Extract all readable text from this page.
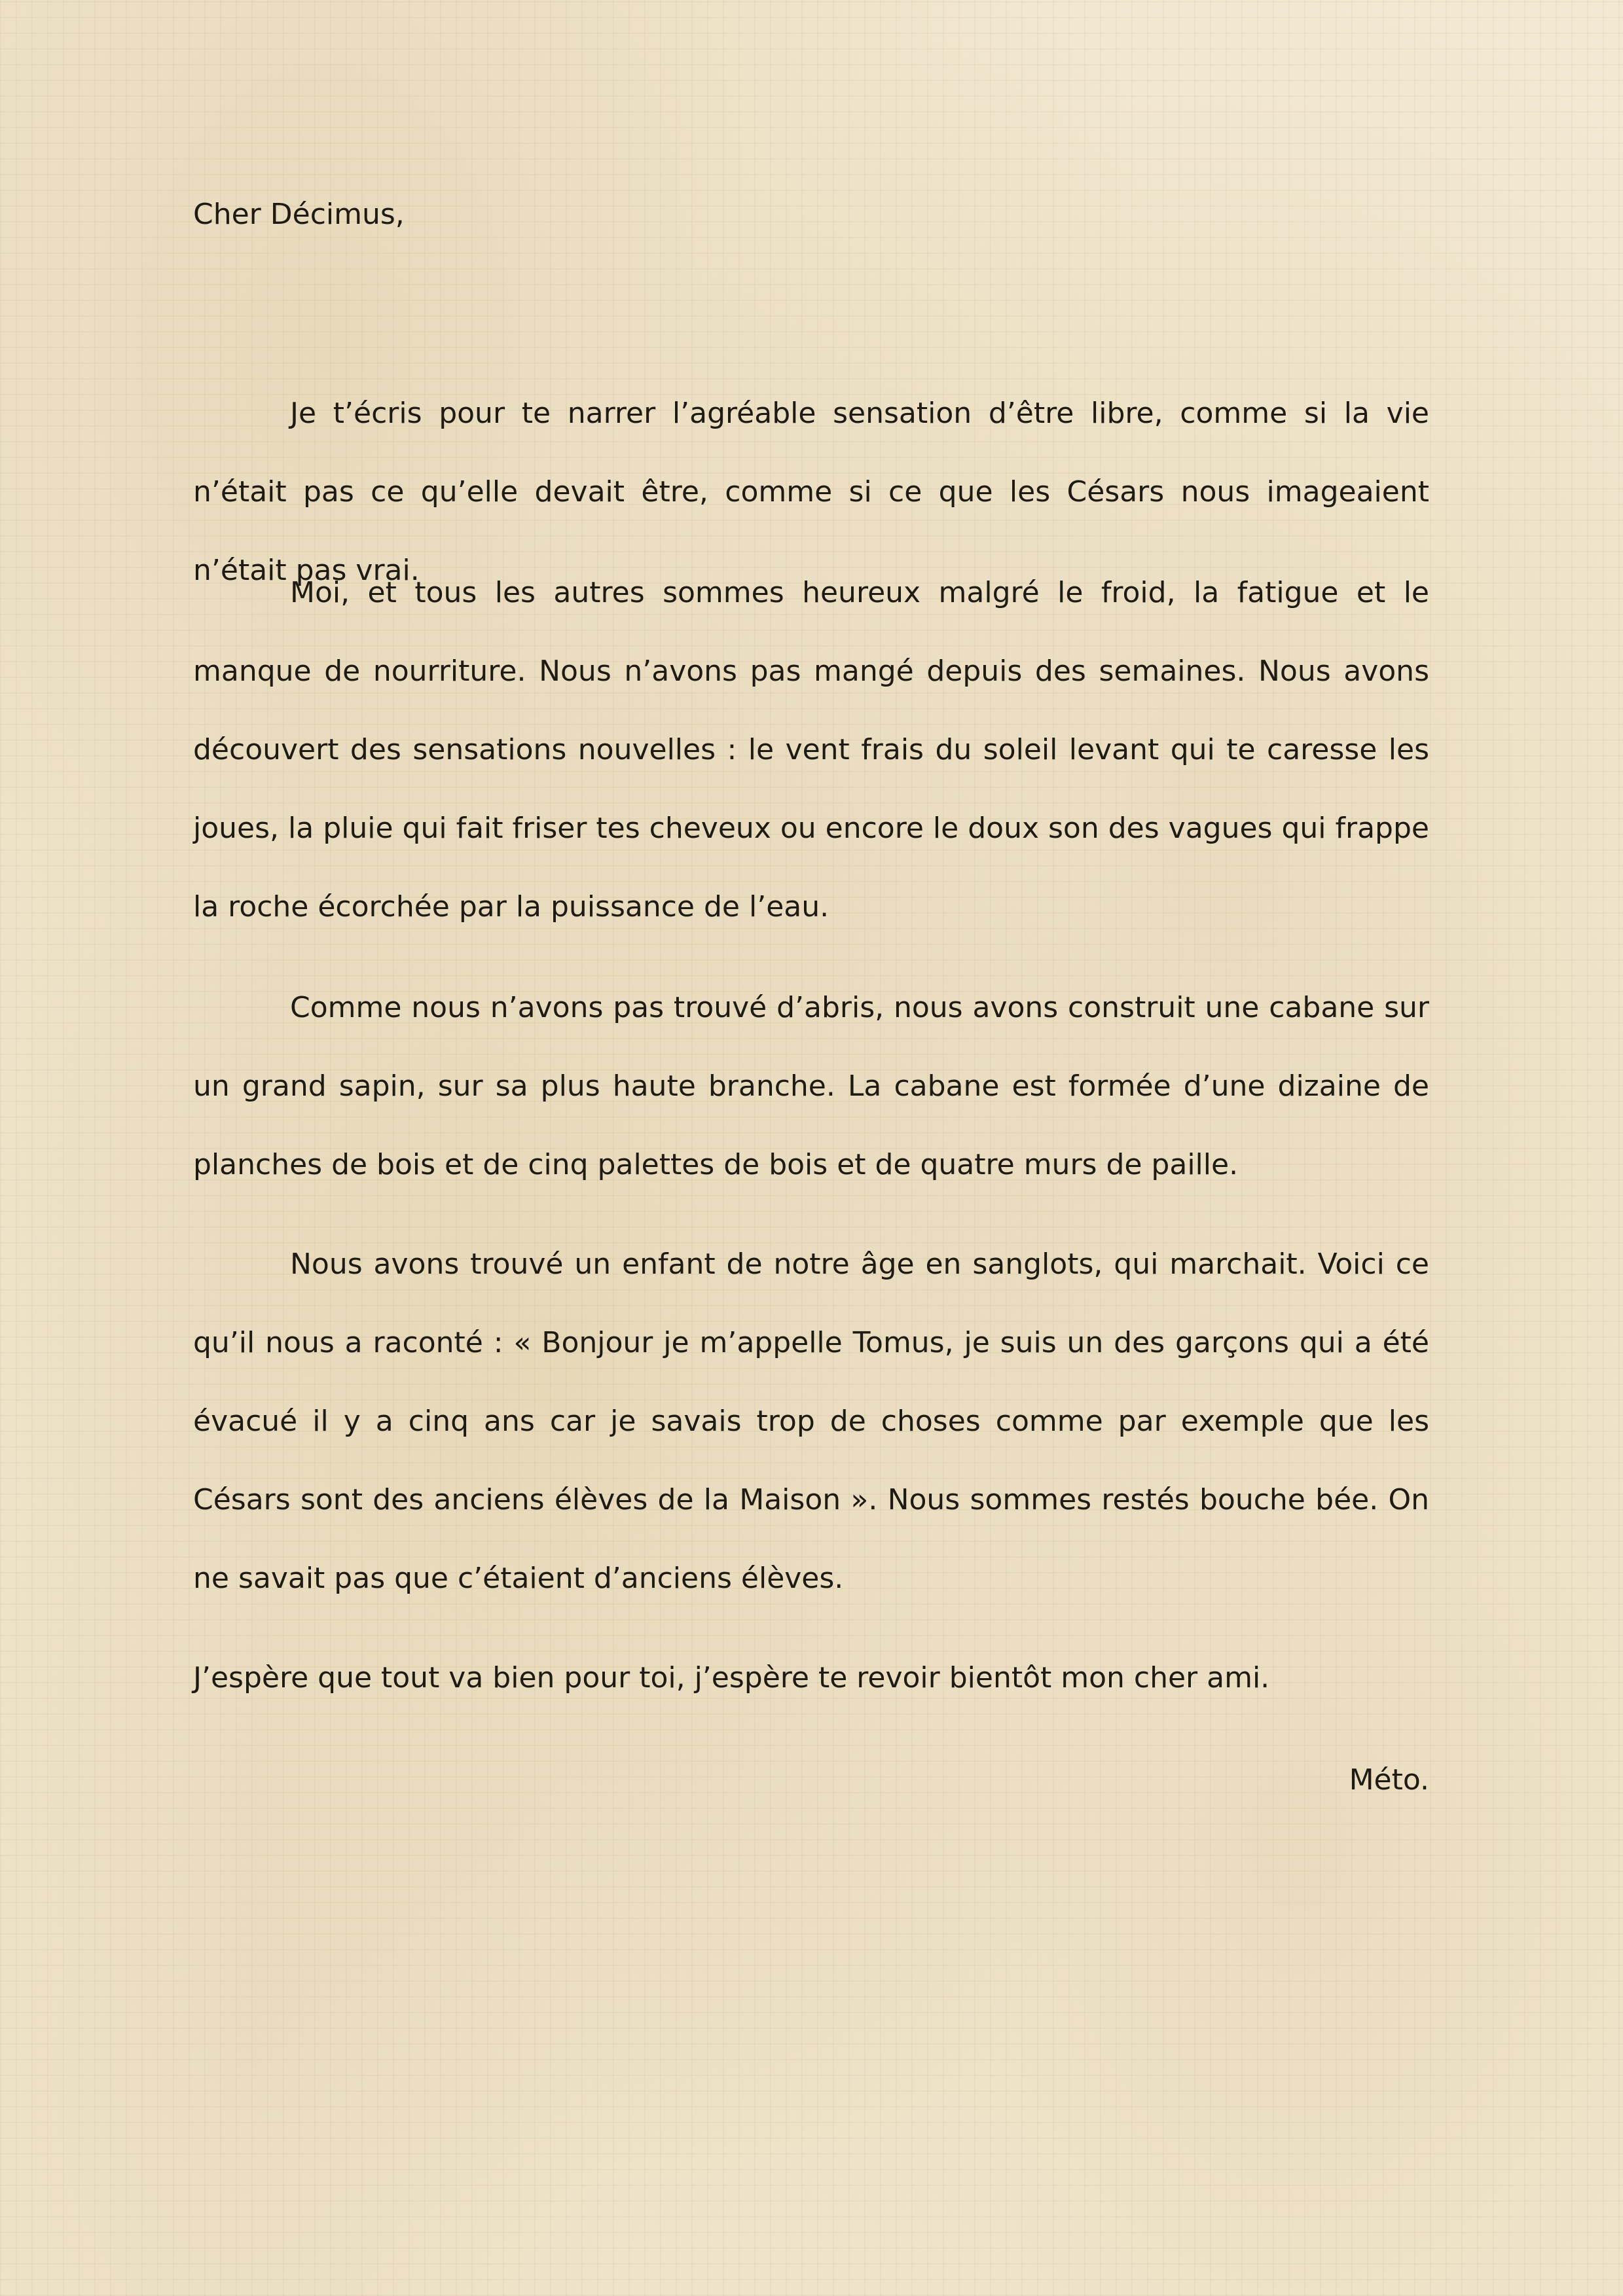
Cher Décimus,

Je t’écris pour te narrer l’agréable sensation d’être libre, comme si la vie n’était pas ce qu’elle devait être, comme si ce que les Césars nous imageaient n’était pas vrai.

Moi, et tous les autres sommes heureux malgré le froid, la fatigue et le manque de nourriture. Nous n’avons pas mangé depuis des semaines. Nous avons découvert des sensations nouvelles : le vent frais du soleil levant qui te caresse les joues, la pluie qui fait friser tes cheveux ou encore le doux son des vagues qui frappe la roche écorchée par la puissance de l’eau.

Comme nous n’avons pas trouvé d’abris, nous avons construit une cabane sur un grand sapin, sur sa plus haute branche. La cabane est formée d’une dizaine de planches de bois et de cinq palettes de bois et de quatre murs de paille.

Nous avons trouvé un enfant de notre âge en sanglots, qui marchait. Voici ce qu’il nous a raconté : « Bonjour je m’appelle Tomus, je suis un des garçons qui a été évacué il y a cinq ans car je savais trop de choses comme par exemple que les Césars sont des anciens élèves de la Maison ». Nous sommes restés bouche bée. On ne savait pas que c’étaient d’anciens élèves.

J’espère que tout va bien pour toi, j’espère te revoir bientôt mon cher ami.

Méto.
